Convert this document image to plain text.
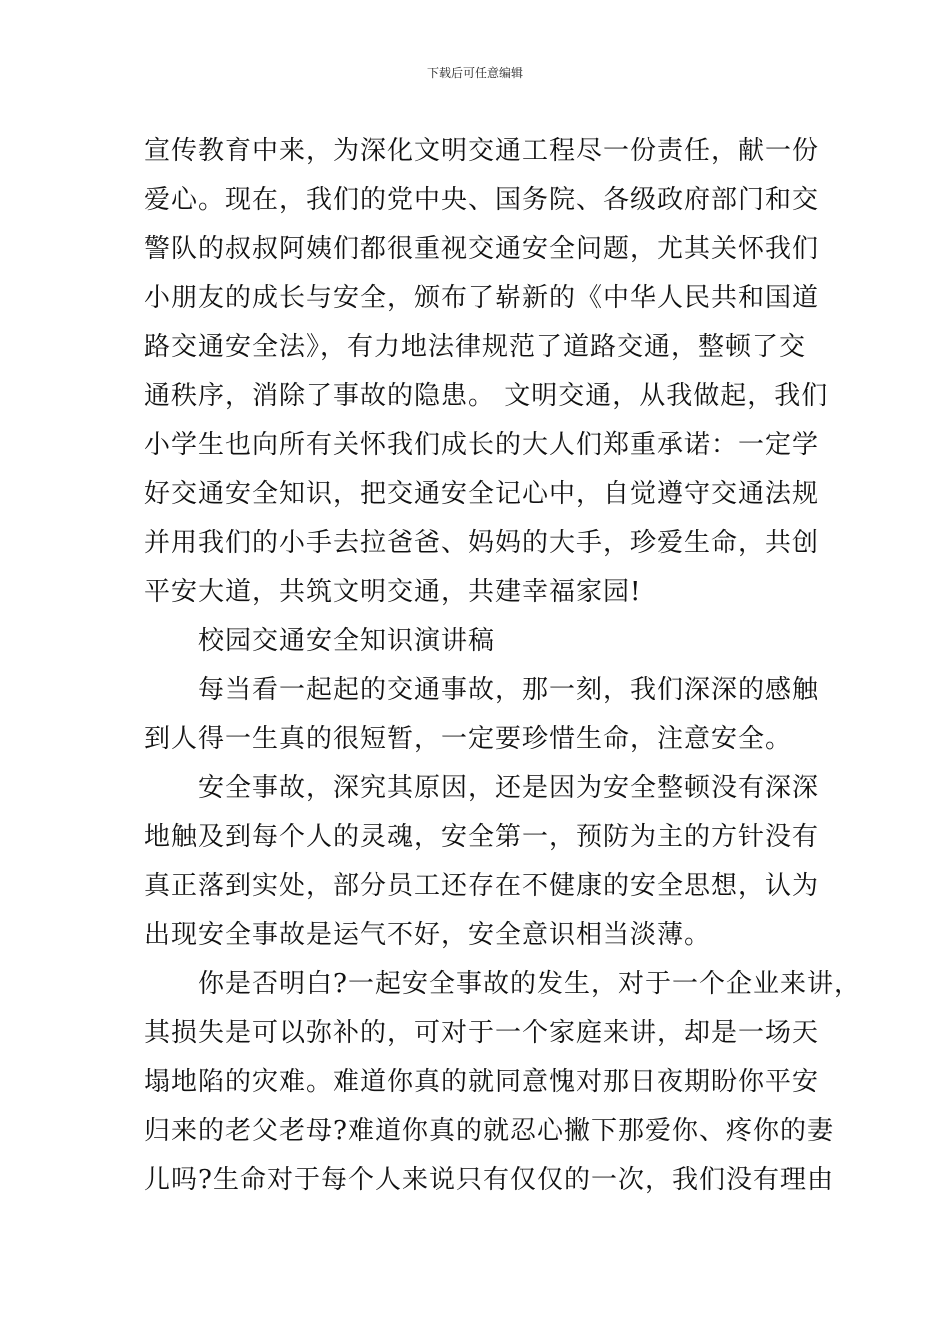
下载后可任意编辑
宣传教育中来，为深化文明交通工程尽一份责任，献一份
爱心。现在，我们的党中央、国务院、各级政府部门和交
警队的叔叔阿姨们都很重视交通安全问题，尤其关怀我们
小朋友的成长与安全，颁布了崭新的《中华人民共和国道
路交通安全法》，有力地法律规范了道路交通，整顿了交
通秩序，消除了事故的隐患。 文明交通，从我做起，我们
小学生也向所有关怀我们成长的大人们郑重承诺：一定学
好交通安全知识，把交通安全记心中，自觉遵守交通法规
并用我们的小手去拉爸爸、妈妈的大手，珍爱生命，共创
平安大道，共筑文明交通，共建幸福家园!
校园交通安全知识演讲稿
每当看一起起的交通事故，那一刻，我们深深的感触
到人得一生真的很短暂，一定要珍惜生命，注意安全。
安全事故，深究其原因，还是因为安全整顿没有深深
地触及到每个人的灵魂，安全第一，预防为主的方针没有
真正落到实处，部分员工还存在不健康的安全思想，认为
出现安全事故是运气不好，安全意识相当淡薄。
你是否明白?一起安全事故的发生，对于一个企业来讲，
其损失是可以弥补的，可对于一个家庭来讲，却是一场天
塌地陷的灾难。难道你真的就同意愧对那日夜期盼你平安
归来的老父老母?难道你真的就忍心撇下那爱你、疼你的妻
儿吗?生命对于每个人来说只有仅仅的一次，我们没有理由
